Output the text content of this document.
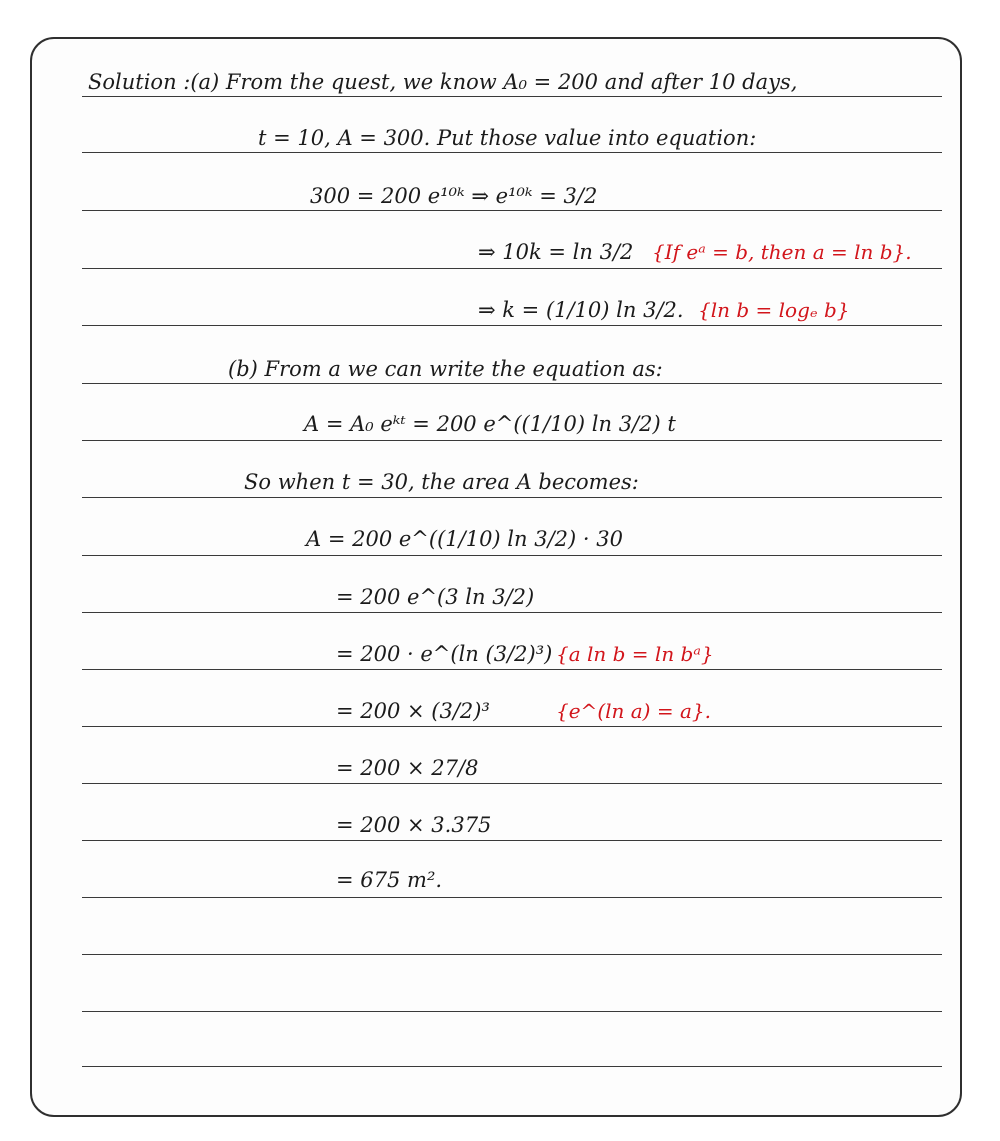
Solution :(a) From the quest, we know A₀ = 200 and after 10 days,
t = 10, A = 300. Put those value into equation:
300 = 200 e¹⁰ᵏ ⇒ e¹⁰ᵏ = 3/2
⇒ 10k = ln 3/2 {If eᵃ = b, then a = ln b}.
⇒ k = (1/10) ln 3/2. {ln b = logₑ b}
(b) From a we can write the equation as:
A = A₀ eᵏᵗ = 200 e^((1/10) ln 3/2) t
So when t = 30, the area A becomes:
A = 200 e^((1/10) ln 3/2) · 30
= 200 e^(3 ln 3/2)
= 200 · e^(ln (3/2)³) {a ln b = ln bᵃ}
= 200 × (3/2)³	{e^(ln a) = a}.
= 200 × 27/8
= 200 × 3.375
= 675 m².
